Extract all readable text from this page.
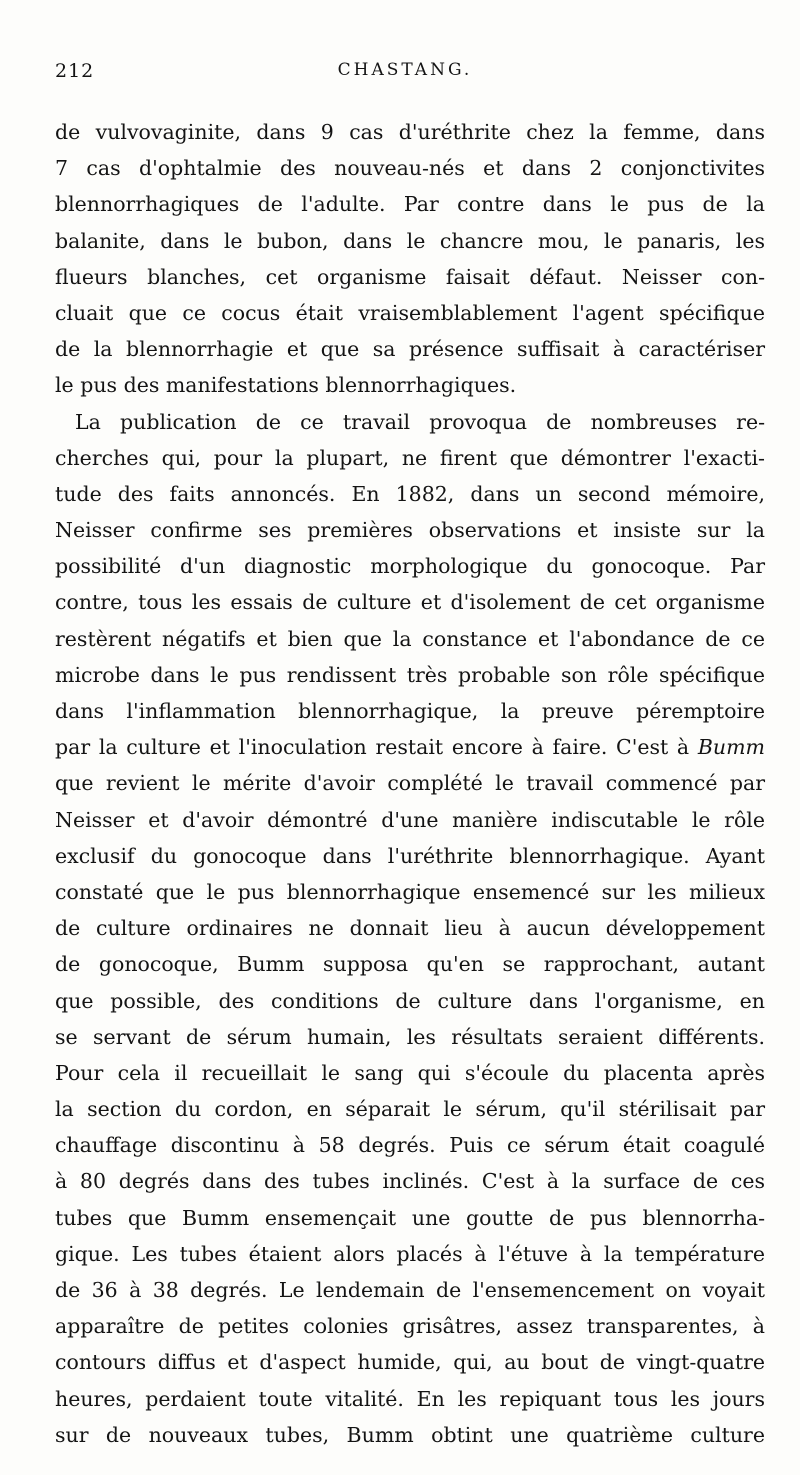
212	CHASTANG.
de vulvovaginite, dans 9 cas d'uréthrite chez la femme, dans
7 cas d'ophtalmie des nouveau-nés et dans 2 conjonctivites
blennorrhagiques de l'adulte. Par contre dans le pus de la
balanite, dans le bubon, dans le chancre mou, le panaris, les
flueurs blanches, cet organisme faisait défaut. Neisser con-
cluait que ce cocus était vraisemblablement l'agent spécifique
de la blennorrhagie et que sa présence suffisait à caractériser
le pus des manifestations blennorrhagiques.
La publication de ce travail provoqua de nombreuses re-
cherches qui, pour la plupart, ne firent que démontrer l'exacti-
tude des faits annoncés. En 1882, dans un second mémoire,
Neisser confirme ses premières observations et insiste sur la
possibilité d'un diagnostic morphologique du gonocoque. Par
contre, tous les essais de culture et d'isolement de cet organisme
restèrent négatifs et bien que la constance et l'abondance de ce
microbe dans le pus rendissent très probable son rôle spécifique
dans l'inflammation blennorrhagique, la preuve péremptoire
par la culture et l'inoculation restait encore à faire. C'est à Bumm
que revient le mérite d'avoir complété le travail commencé par
Neisser et d'avoir démontré d'une manière indiscutable le rôle
exclusif du gonocoque dans l'uréthrite blennorrhagique. Ayant
constaté que le pus blennorrhagique ensemencé sur les milieux
de culture ordinaires ne donnait lieu à aucun développement
de gonocoque, Bumm supposa qu'en se rapprochant, autant
que possible, des conditions de culture dans l'organisme, en
se servant de sérum humain, les résultats seraient différents.
Pour cela il recueillait le sang qui s'écoule du placenta après
la section du cordon, en séparait le sérum, qu'il stérilisait par
chauffage discontinu à 58 degrés. Puis ce sérum était coagulé
à 80 degrés dans des tubes inclinés. C'est à la surface de ces
tubes que Bumm ensemençait une goutte de pus blennorrha-
gique. Les tubes étaient alors placés à l'étuve à la température
de 36 à 38 degrés. Le lendemain de l'ensemencement on voyait
apparaître de petites colonies grisâtres, assez transparentes, à
contours diffus et d'aspect humide, qui, au bout de vingt-quatre
heures, perdaient toute vitalité. En les repiquant tous les jours
sur de nouveaux tubes, Bumm obtint une quatrième culture
